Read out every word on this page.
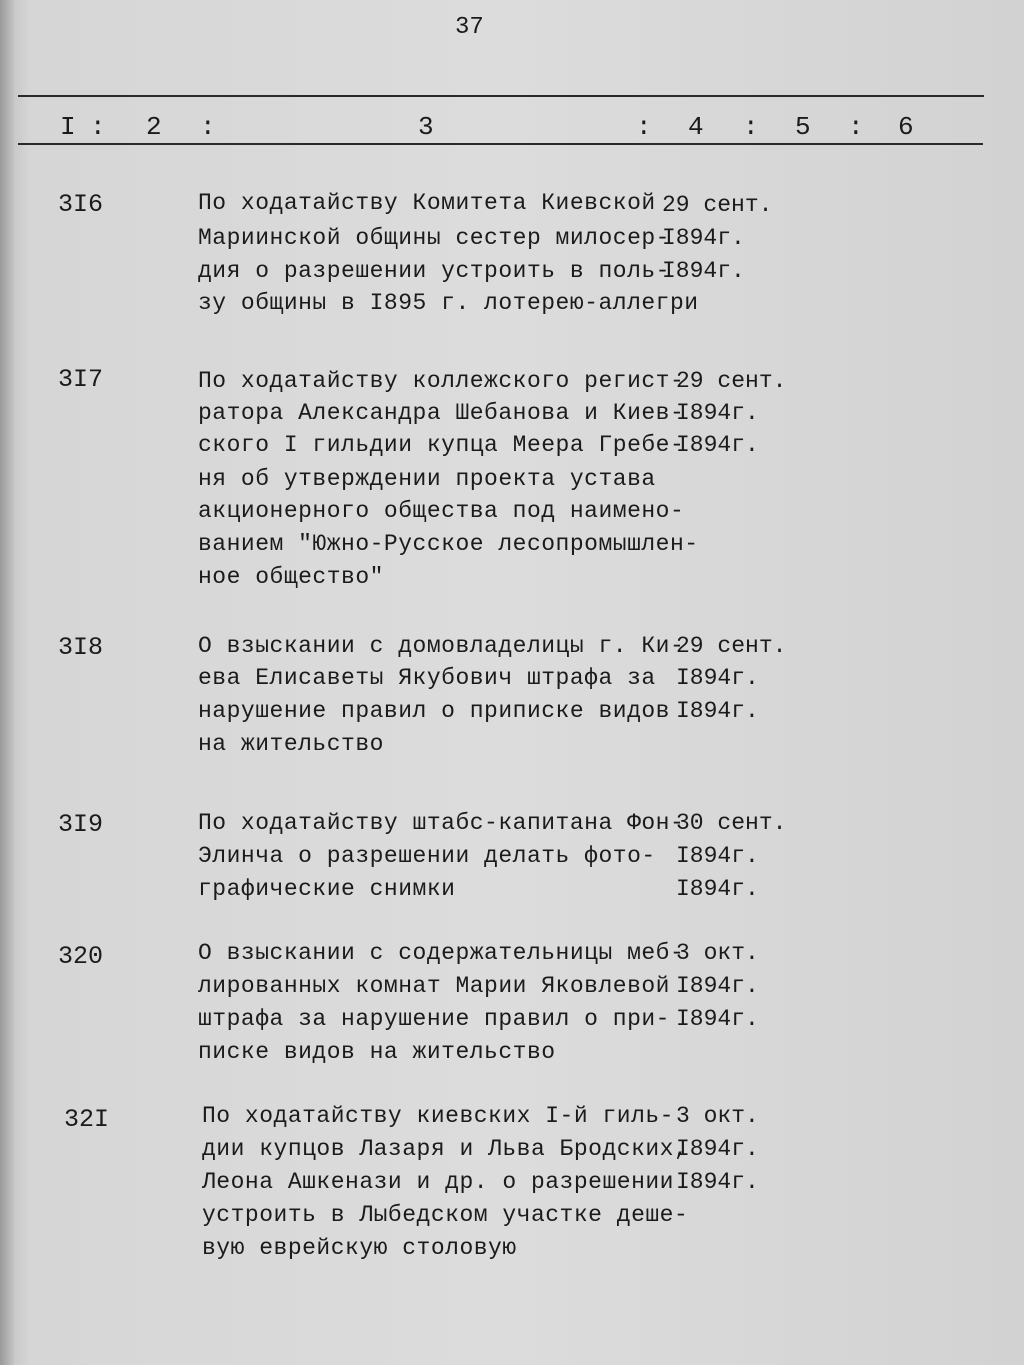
37
I : 2 :	3	: 4 : 5 : 6
3I6	По ходатайству Комитета Киевской
Мариинской общины сестер милосер-
дия о разрешении устроить в поль-
зу общины в I895 г. лотерею-аллегри
29 сент.
I894г.
I894г.
3I7	По ходатайству коллежского регист-
ратора Александра Шебанова и Киев-
ского I гильдии купца Меера Гребе-
ня об утверждении проекта устава
акционерного общества под наимено-
ванием "Южно-Русское лесопромышлен-
ное общество"
29 сент.
I894г.
I894г.
3I8	О взыскании с домовладелицы г. Ки-
ева Елисаветы Якубович штрафа за
нарушение правил о приписке видов
на жительство
29 сент.
I894г.
I894г.
3I9	По ходатайству штабс-капитана Фон-
Элинча о разрешении делать фото-
графические снимки
30 сент.
I894г.
I894г.
320	О взыскании с содержательницы меб-
лированных комнат Марии Яковлевой
штрафа за нарушение правил о при-
писке видов на жительство
3 окт.
I894г.
I894г.
32I	По ходатайству киевских I-й гиль-
дии купцов Лазаря и Льва Бродских,
Леона Ашкенази и др. о разрешении
устроить в Лыбедском участке деше-
вую еврейскую столовую
3 окт.
I894г.
I894г.
